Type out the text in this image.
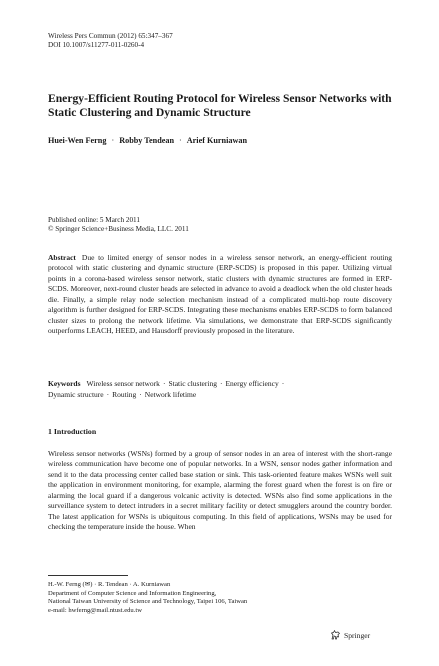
Wireless Pers Commun (2012) 65:347–367
DOI 10.1007/s11277-011-0260-4
Energy-Efficient Routing Protocol for Wireless Sensor Networks with Static Clustering and Dynamic Structure
Huei-Wen Ferng · Robby Tendean · Arief Kurniawan
Published online: 5 March 2011
© Springer Science+Business Media, LLC. 2011

Abstract Due to limited energy of sensor nodes in a wireless sensor network, an energy-efficient routing protocol with static clustering and dynamic structure (ERP-SCDS) is proposed in this paper. Utilizing virtual points in a corona-based wireless sensor network, static clusters with dynamic structures are formed in ERP-SCDS. Moreover, next-round cluster heads are selected in advance to avoid a deadlock when the old cluster heads die. Finally, a simple relay node selection mechanism instead of a complicated multi-hop route discovery algorithm is further designed for ERP-SCDS. Integrating these mechanisms enables ERP-SCDS to form balanced cluster sizes to prolong the network lifetime. Via simulations, we demonstrate that ERP-SCDS significantly outperforms LEACH, HEED, and Hausdorff previously proposed in the literature.

Keywords Wireless sensor network · Static clustering · Energy efficiency ·
Dynamic structure · Routing · Network lifetime

1 Introduction

Wireless sensor networks (WSNs) formed by a group of sensor nodes in an area of interest with the short-range wireless communication have become one of popular networks. In a WSN, sensor nodes gather information and send it to the data processing center called base station or sink. This task-oriented feature makes WSNs well suit the application in environment monitoring, for example, alarming the forest guard when the forest is on fire or alarming the local guard if a dangerous volcanic activity is detected. WSNs also find some applications in the surveillance system to detect intruders in a secret military facility or detect smugglers around the country border. The latest application for WSNs is ubiquitous computing. In this field of applications, WSNs may be used for checking the temperature inside the house. When

H.-W. Ferng (✉) · R. Tendean · A. Kurniawan
Department of Computer Science and Information Engineering,
National Taiwan University of Science and Technology, Taipei 106, Taiwan
e-mail: hwferng@mail.ntust.edu.tw
Springer
